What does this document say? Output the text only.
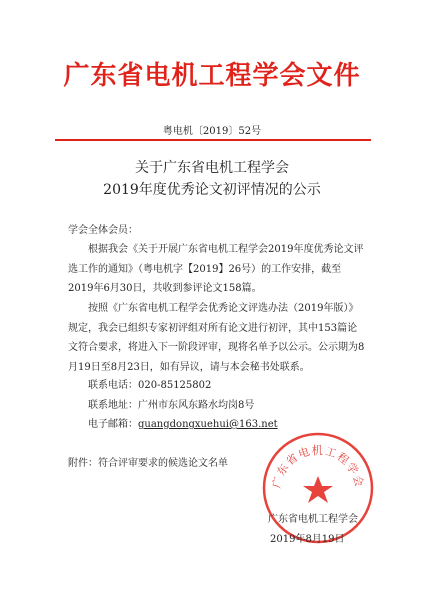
广东省电机工程学会文件
粤电机〔2019〕52号
关于广东省电机工程学会
2019年度优秀论文初评情况的公示
学会全体会员：
根据我会《关于开展广东省电机工程学会2019年度优秀论文评选工作的通知》（粤电机字【2019】26号）的工作安排，截至2019年6月30日，共收到参评论文158篇。
按照《广东省电机工程学会优秀论文评选办法（2019年版）》规定，我会已组织专家初评组对所有论文进行初评，其中153篇论文符合要求，将进入下一阶段评审，现将名单予以公示。公示期为8月19日至8月23日，如有异议，请与本会秘书处联系。
联系电话：020-85125802
联系地址：广州市东风东路水均岗8号
电子邮箱：guangdongxuehui@163.net
附件：符合评审要求的候选论文名单
广东省电机工程学会
广东省电机工程学会
2019年8月19日
